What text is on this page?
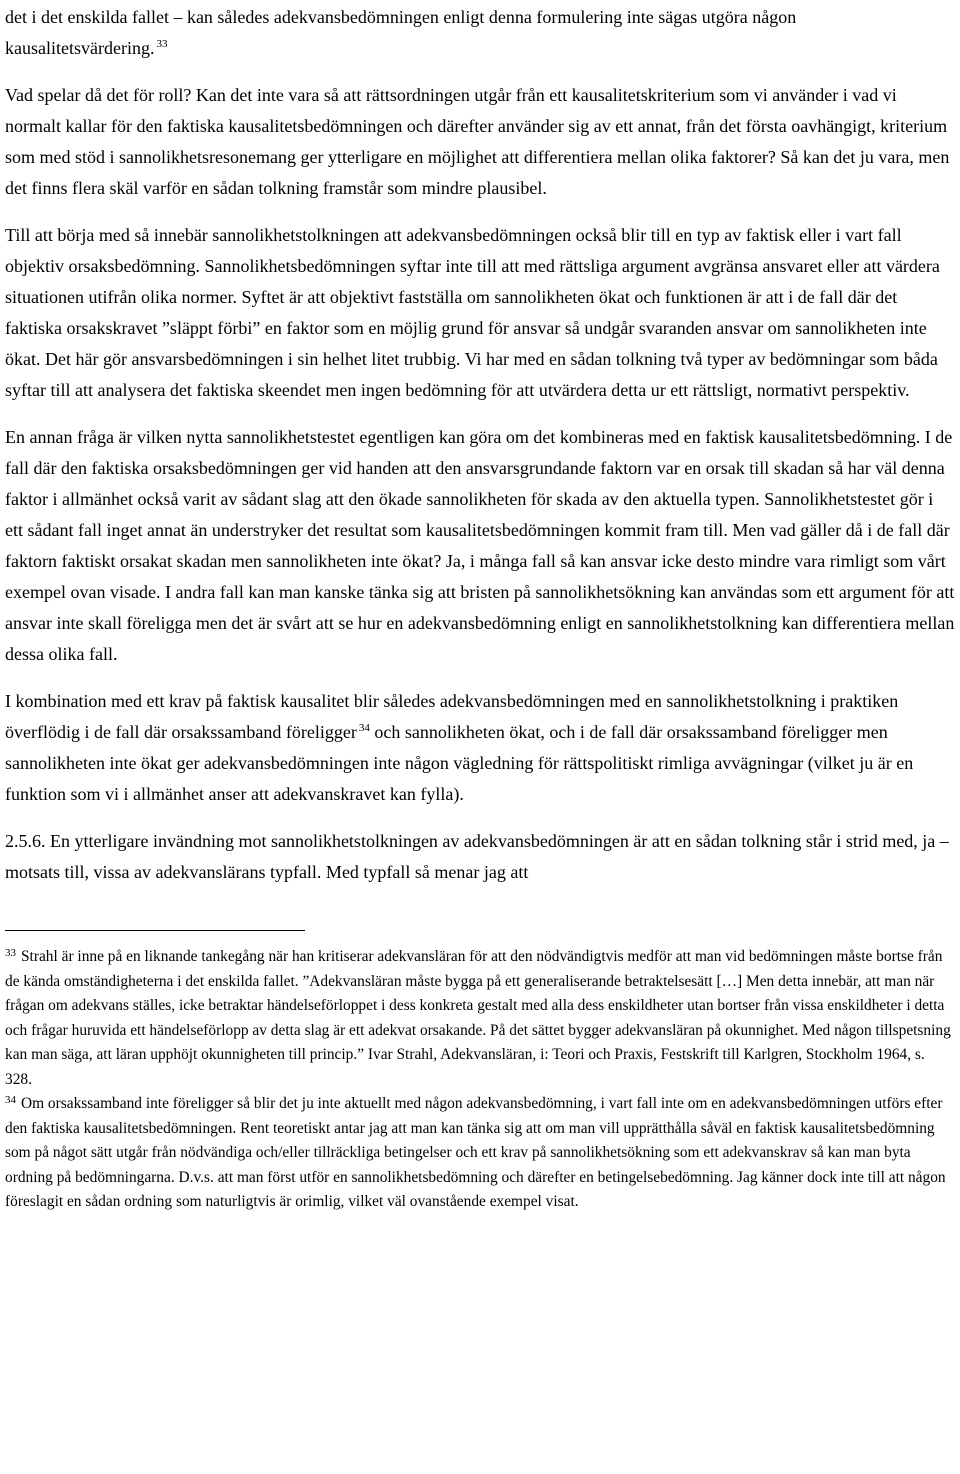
det i det enskilda fallet – kan således adekvansbedömningen enligt denna formulering inte sägas utgöra någon kausalitetsvärdering. $^{33}$

Vad spelar då det för roll? Kan det inte vara så att rättsordningen utgår från ett kausalitetskriterium som vi använder i vad vi normalt kallar för den faktiska kausalitetsbedömningen och därefter använder sig av ett annat, från det första oavhängigt, kriterium som med stöd i sannolikhetsresonemang ger ytterligare en möjlighet att differentiera mellan olika faktorer? Så kan det ju vara, men det finns flera skäl varför en sådan tolkning framstår som mindre plausibel.

Till att börja med så innebär sannolikhetstolkningen att adekvansbedömningen också blir till en typ av faktisk eller i vart fall objektiv orsaksbedömning. Sannolikhetsbedömningen syftar inte till att med rättsliga argument avgränsa ansvaret eller att värdera situationen utifrån olika normer. Syftet är att objektivt fastställa om sannolikheten ökat och funktionen är att i de fall där det faktiska orsakskravet ”släppt förbi” en faktor som en möjlig grund för ansvar så undgår svaranden ansvar om sannolikheten inte ökat. Det här gör ansvarsbedömningen i sin helhet litet trubbig. Vi har med en sådan tolkning två typer av bedömningar som båda syftar till att analysera det faktiska skeendet men ingen bedömning för att utvärdera detta ur ett rättsligt, normativt perspektiv.

En annan fråga är vilken nytta sannolikhetstestet egentligen kan göra om det kombineras med en faktisk kausalitetsbedömning. I de fall där den faktiska orsaksbedömningen ger vid handen att den ansvarsgrundande faktorn var en orsak till skadan så har väl denna faktor i allmänhet också varit av sådant slag att den ökade sannolikheten för skada av den aktuella typen. Sannolikhetstestet gör i ett sådant fall inget annat än understryker det resultat som kausalitetsbedömningen kommit fram till. Men vad gäller då i de fall där faktorn faktiskt orsakat skadan men sannolikheten inte ökat? Ja, i många fall så kan ansvar icke desto mindre vara rimligt som vårt exempel ovan visade. I andra fall kan man kanske tänka sig att bristen på sannolikhetsökning kan användas som ett argument för att ansvar inte skall föreligga men det är svårt att se hur en adekvansbedömning enligt en sannolikhetstolkning kan differentiera mellan dessa olika fall.

I kombination med ett krav på faktisk kausalitet blir således adekvansbedömningen med en sannolikhetstolkning i praktiken överflödig i de fall där orsakssamband föreligger $^{34}$ och sannolikheten ökat, och i de fall där orsakssamband föreligger men sannolikheten inte ökat ger adekvansbedömningen inte någon vägledning för rättspolitiskt rimliga avvägningar (vilket ju är en funktion som vi i allmänhet anser att adekvanskravet kan fylla).

2.5.6. En ytterligare invändning mot sannolikhetstolkningen av adekvansbedömningen är att en sådan tolkning står i strid med, ja – motsats till, vissa av adekvanslärans typfall. Med typfall så menar jag att

$^{33}$ Strahl är inne på en liknande tankegång när han kritiserar adekvansläran för att den nödvändigtvis medför att man vid bedömningen måste bortse från de kända omständigheterna i det enskilda fallet. ”Adekvansläran måste bygga på ett generaliserande betraktelsesätt […] Men detta innebär, att man när frågan om adekvans ställes, icke betraktar händelseförloppet i dess konkreta gestalt med alla dess enskildheter utan bortser från vissa enskildheter i detta och frågar huruvida ett händelseförlopp av detta slag är ett adekvat orsakande. På det sättet bygger adekvansläran på okunnighet. Med någon tillspetsning kan man säga, att läran upphöjt okunnigheten till princip.” Ivar Strahl, Adekvansläran, i: Teori och Praxis, Festskrift till Karlgren, Stockholm 1964, s. 328.
$^{34}$ Om orsakssamband inte föreligger så blir det ju inte aktuellt med någon adekvansbedömning, i vart fall inte om en adekvansbedömningen utförs efter den faktiska kausalitetsbedömningen. Rent teoretiskt antar jag att man kan tänka sig att om man vill upprätthålla såväl en faktisk kausalitetsbedömning som på något sätt utgår från nödvändiga och/eller tillräckliga betingelser och ett krav på sannolikhetsökning som ett adekvanskrav så kan man byta ordning på bedömningarna. D.v.s. att man först utför en sannolikhetsbedömning och därefter en betingelsebedömning. Jag känner dock inte till att någon föreslagit en sådan ordning som naturligtvis är orimlig, vilket väl ovanstående exempel visat.
